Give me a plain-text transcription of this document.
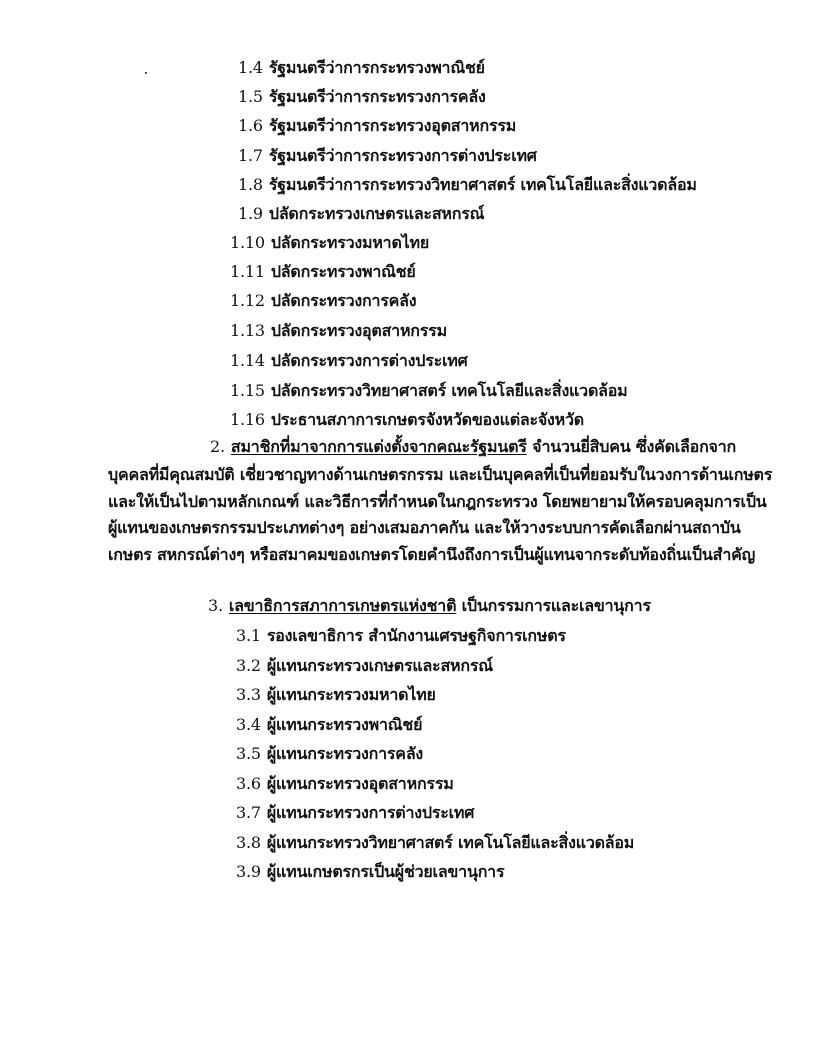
1.4 รัฐมนตรีว่าการกระทรวงพาณิชย์
1.5 รัฐมนตรีว่าการกระทรวงการคลัง
1.6 รัฐมนตรีว่าการกระทรวงอุตสาหกรรม
1.7 รัฐมนตรีว่าการกระทรวงการต่างประเทศ
1.8 รัฐมนตรีว่าการกระทรวงวิทยาศาสตร์ เทคโนโลยีและสิ่งแวดล้อม
1.9 ปลัดกระทรวงเกษตรและสหกรณ์
1.10 ปลัดกระทรวงมหาดไทย
1.11 ปลัดกระทรวงพาณิชย์
1.12 ปลัดกระทรวงการคลัง
1.13 ปลัดกระทรวงอุตสาหกรรม
1.14 ปลัดกระทรวงการต่างประเทศ
1.15 ปลัดกระทรวงวิทยาศาสตร์ เทคโนโลยีและสิ่งแวดล้อม
1.16 ประธานสภาการเกษตรจังหวัดของแต่ละจังหวัด
2. สมาชิกที่มาจากการแต่งตั้งจากคณะรัฐมนตรี จำนวนยี่สิบคน ซึ่งคัดเลือกจาก
บุคคลที่มีคุณสมบัติ เชี่ยวชาญทางด้านเกษตรกรรม และเป็นบุคคลที่เป็นที่ยอมรับในวงการด้านเกษตร
และให้เป็นไปตามหลักเกณฑ์ และวิธีการที่กำหนดในกฎกระทรวง โดยพยายามให้ครอบคลุมการเป็น
ผู้แทนของเกษตรกรรมประเภทต่างๆ อย่างเสมอภาคกัน และให้วางระบบการคัดเลือกผ่านสถาบัน
เกษตร สหกรณ์ต่างๆ หรือสมาคมของเกษตรโดยคำนึงถึงการเป็นผู้แทนจากระดับท้องถิ่นเป็นสำคัญ
3. เลขาธิการสภาการเกษตรแห่งชาติ เป็นกรรมการและเลขานุการ
3.1 รองเลขาธิการ สำนักงานเศรษฐกิจการเกษตร
3.2 ผู้แทนกระทรวงเกษตรและสหกรณ์
3.3 ผู้แทนกระทรวงมหาดไทย
3.4 ผู้แทนกระทรวงพาณิชย์
3.5 ผู้แทนกระทรวงการคลัง
3.6 ผู้แทนกระทรวงอุตสาหกรรม
3.7 ผู้แทนกระทรวงการต่างประเทศ
3.8 ผู้แทนกระทรวงวิทยาศาสตร์ เทคโนโลยีและสิ่งแวดล้อม
3.9 ผู้แทนเกษตรกรเป็นผู้ช่วยเลขานุการ
